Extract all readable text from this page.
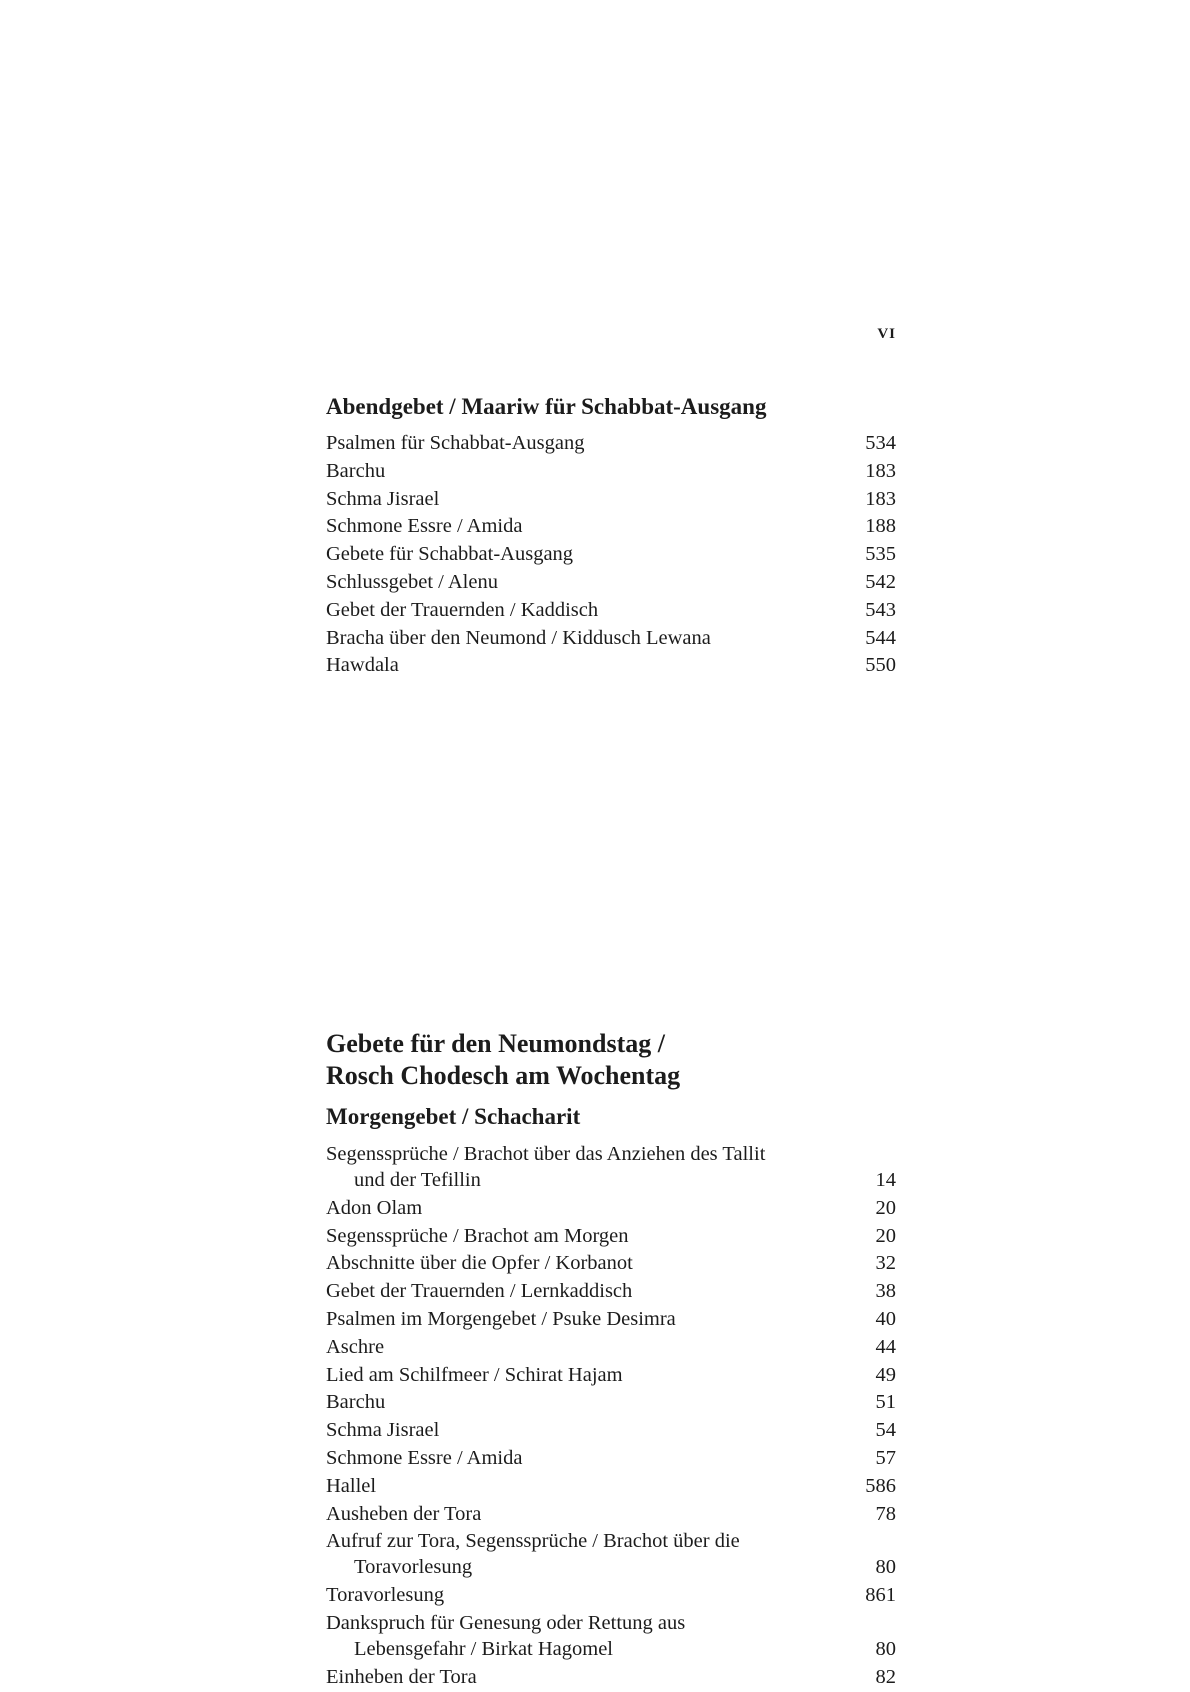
VI
Abendgebet / Maariw für Schabbat-Ausgang
Psalmen für Schabbat-Ausgang	534
Barchu	183
Schma Jisrael	183
Schmone Essre / Amida	188
Gebete für Schabbat-Ausgang	535
Schlussgebet / Alenu	542
Gebet der Trauernden / Kaddisch	543
Bracha über den Neumond / Kiddusch Lewana	544
Hawdala	550
Gebete für den Neumondstag /
Rosch Chodesch am Wochentag
Morgengebet / Schacharit
Segenssprüche / Brachot über das Anziehen des Tallit
und der Tefillin	14
Adon Olam	20
Segenssprüche / Brachot am Morgen	20
Abschnitte über die Opfer / Korbanot	32
Gebet der Trauernden / Lernkaddisch	38
Psalmen im Morgengebet / Psuke Desimra	40
Aschre	44
Lied am Schilfmeer / Schirat Hajam	49
Barchu	51
Schma Jisrael	54
Schmone Essre / Amida	57
Hallel	586
Ausheben der Tora	78
Aufruf zur Tora, Segenssprüche / Brachot über die
Toravorlesung	80
Toravorlesung	861
Dankspruch für Genesung oder Rettung aus
Lebensgefahr / Birkat Hagomel	80
Einheben der Tora	82
